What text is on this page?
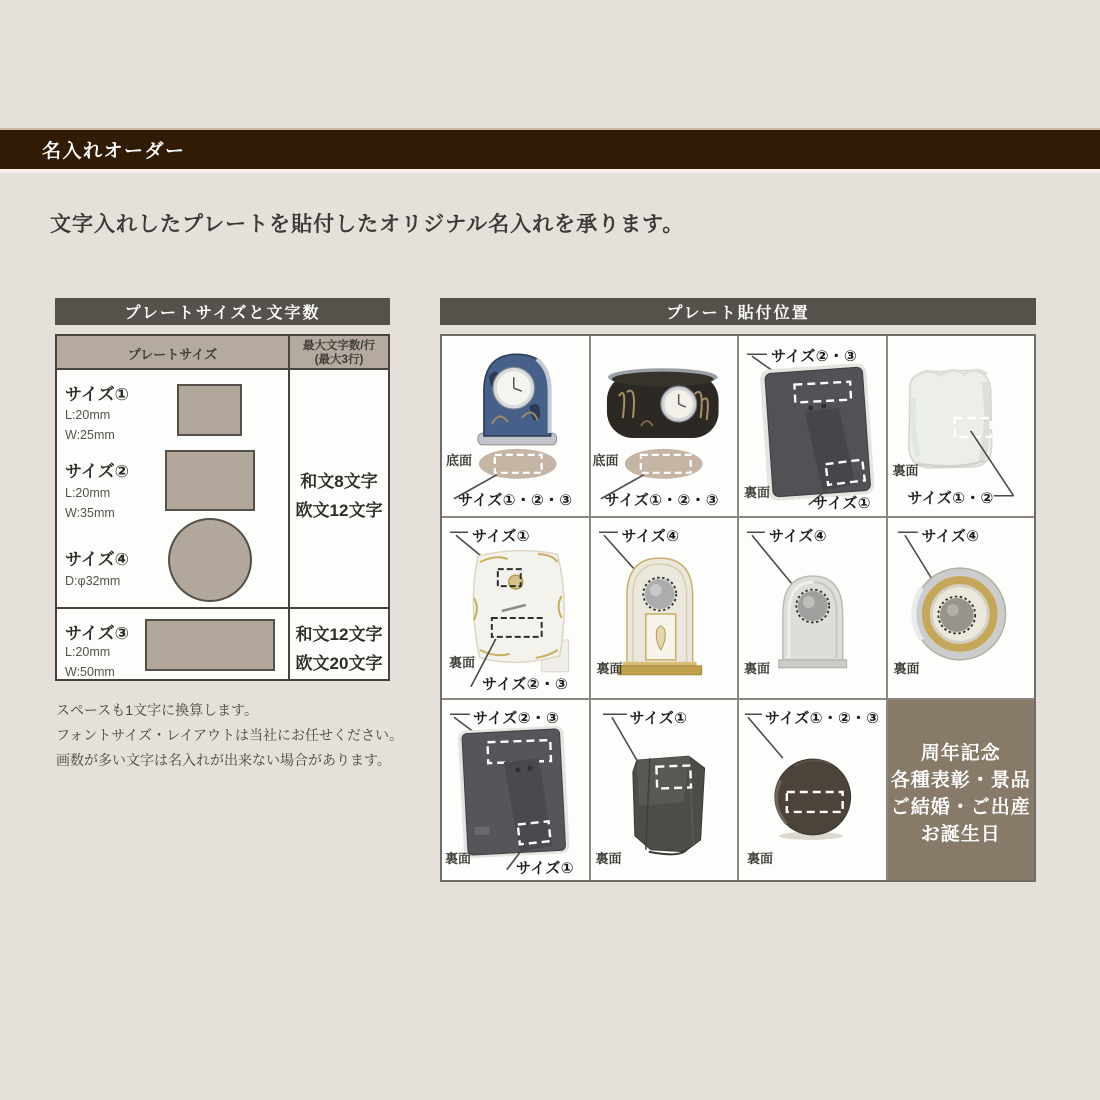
名入れオーダー
文字入れしたプレートを貼付したオリジナル名入れを承ります。
プレートサイズと文字数	プレート貼付位置
プレートサイズ
最大文字数/行
(最大3行)
サイズ①
L:20mm
W:25mm
サイズ②
L:20mm
W:35mm
サイズ④
D:φ32mm
サイズ③
L:20mm
W:50mm
和文8文字
欧文12文字
和文12文字
欧文20文字
スペースも1文字に換算します。
フォントサイズ・レイアウトは当社にお任せください。
画数が多い文字は名入れが出来ない場合があります。
底面
サイズ①・②・③
底面
サイズ①・②・③
サイズ②・③
裏面
サイズ①
裏面
サイズ①・②
サイズ①
裏面
サイズ②・③
サイズ④
裏面
サイズ④
裏面
サイズ④
裏面
サイズ②・③
裏面
サイズ①
サイズ①
裏面
サイズ①・②・③
裏面
周年記念
各種表彰・景品
ご結婚・ご出産
お誕生日
